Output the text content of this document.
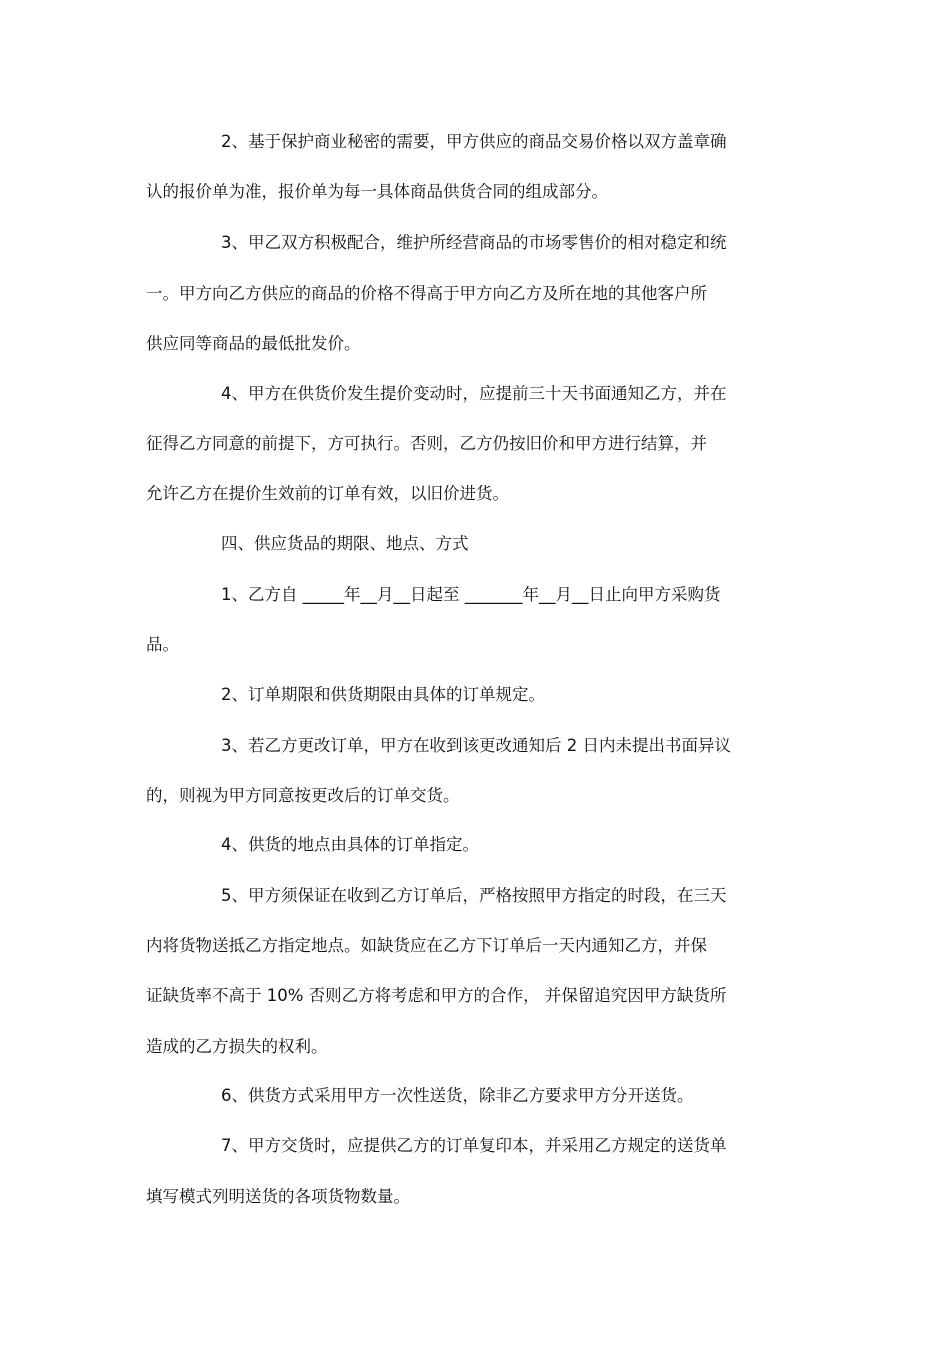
2、基于保护商业秘密的需要，甲方供应的商品交易价格以双方盖章确
认的报价单为准，报价单为每一具体商品供货合同的组成部分。
3、甲乙双方积极配合，维护所经营商品的市场零售价的相对稳定和统
一。甲方向乙方供应的商品的价格不得高于甲方向乙方及所在地的其他客户所
供应同等商品的最低批发价。
4、甲方在供货价发生提价变动时，应提前三十天书面通知乙方，并在
征得乙方同意的前提下，方可执行。否则，乙方仍按旧价和甲方进行结算，并
允许乙方在提价生效前的订单有效，以旧价进货。
四、供应货品的期限、地点、方式
1、乙方自 _____年__月__日起至 _______年__月__日止向甲方采购货
品。
2、订单期限和供货期限由具体的订单规定。
3、若乙方更改订单，甲方在收到该更改通知后 2 日内未提出书面异议
的，则视为甲方同意按更改后的订单交货。
4、供货的地点由具体的订单指定。
5、甲方须保证在收到乙方订单后，严格按照甲方指定的时段，在三天
内将货物送抵乙方指定地点。如缺货应在乙方下订单后一天内通知乙方，并保
证缺货率不高于 10% 否则乙方将考虑和甲方的合作， 并保留追究因甲方缺货所
造成的乙方损失的权利。
6、供货方式采用甲方一次性送货，除非乙方要求甲方分开送货。
7、甲方交货时，应提供乙方的订单复印本，并采用乙方规定的送货单
填写模式列明送货的各项货物数量。
